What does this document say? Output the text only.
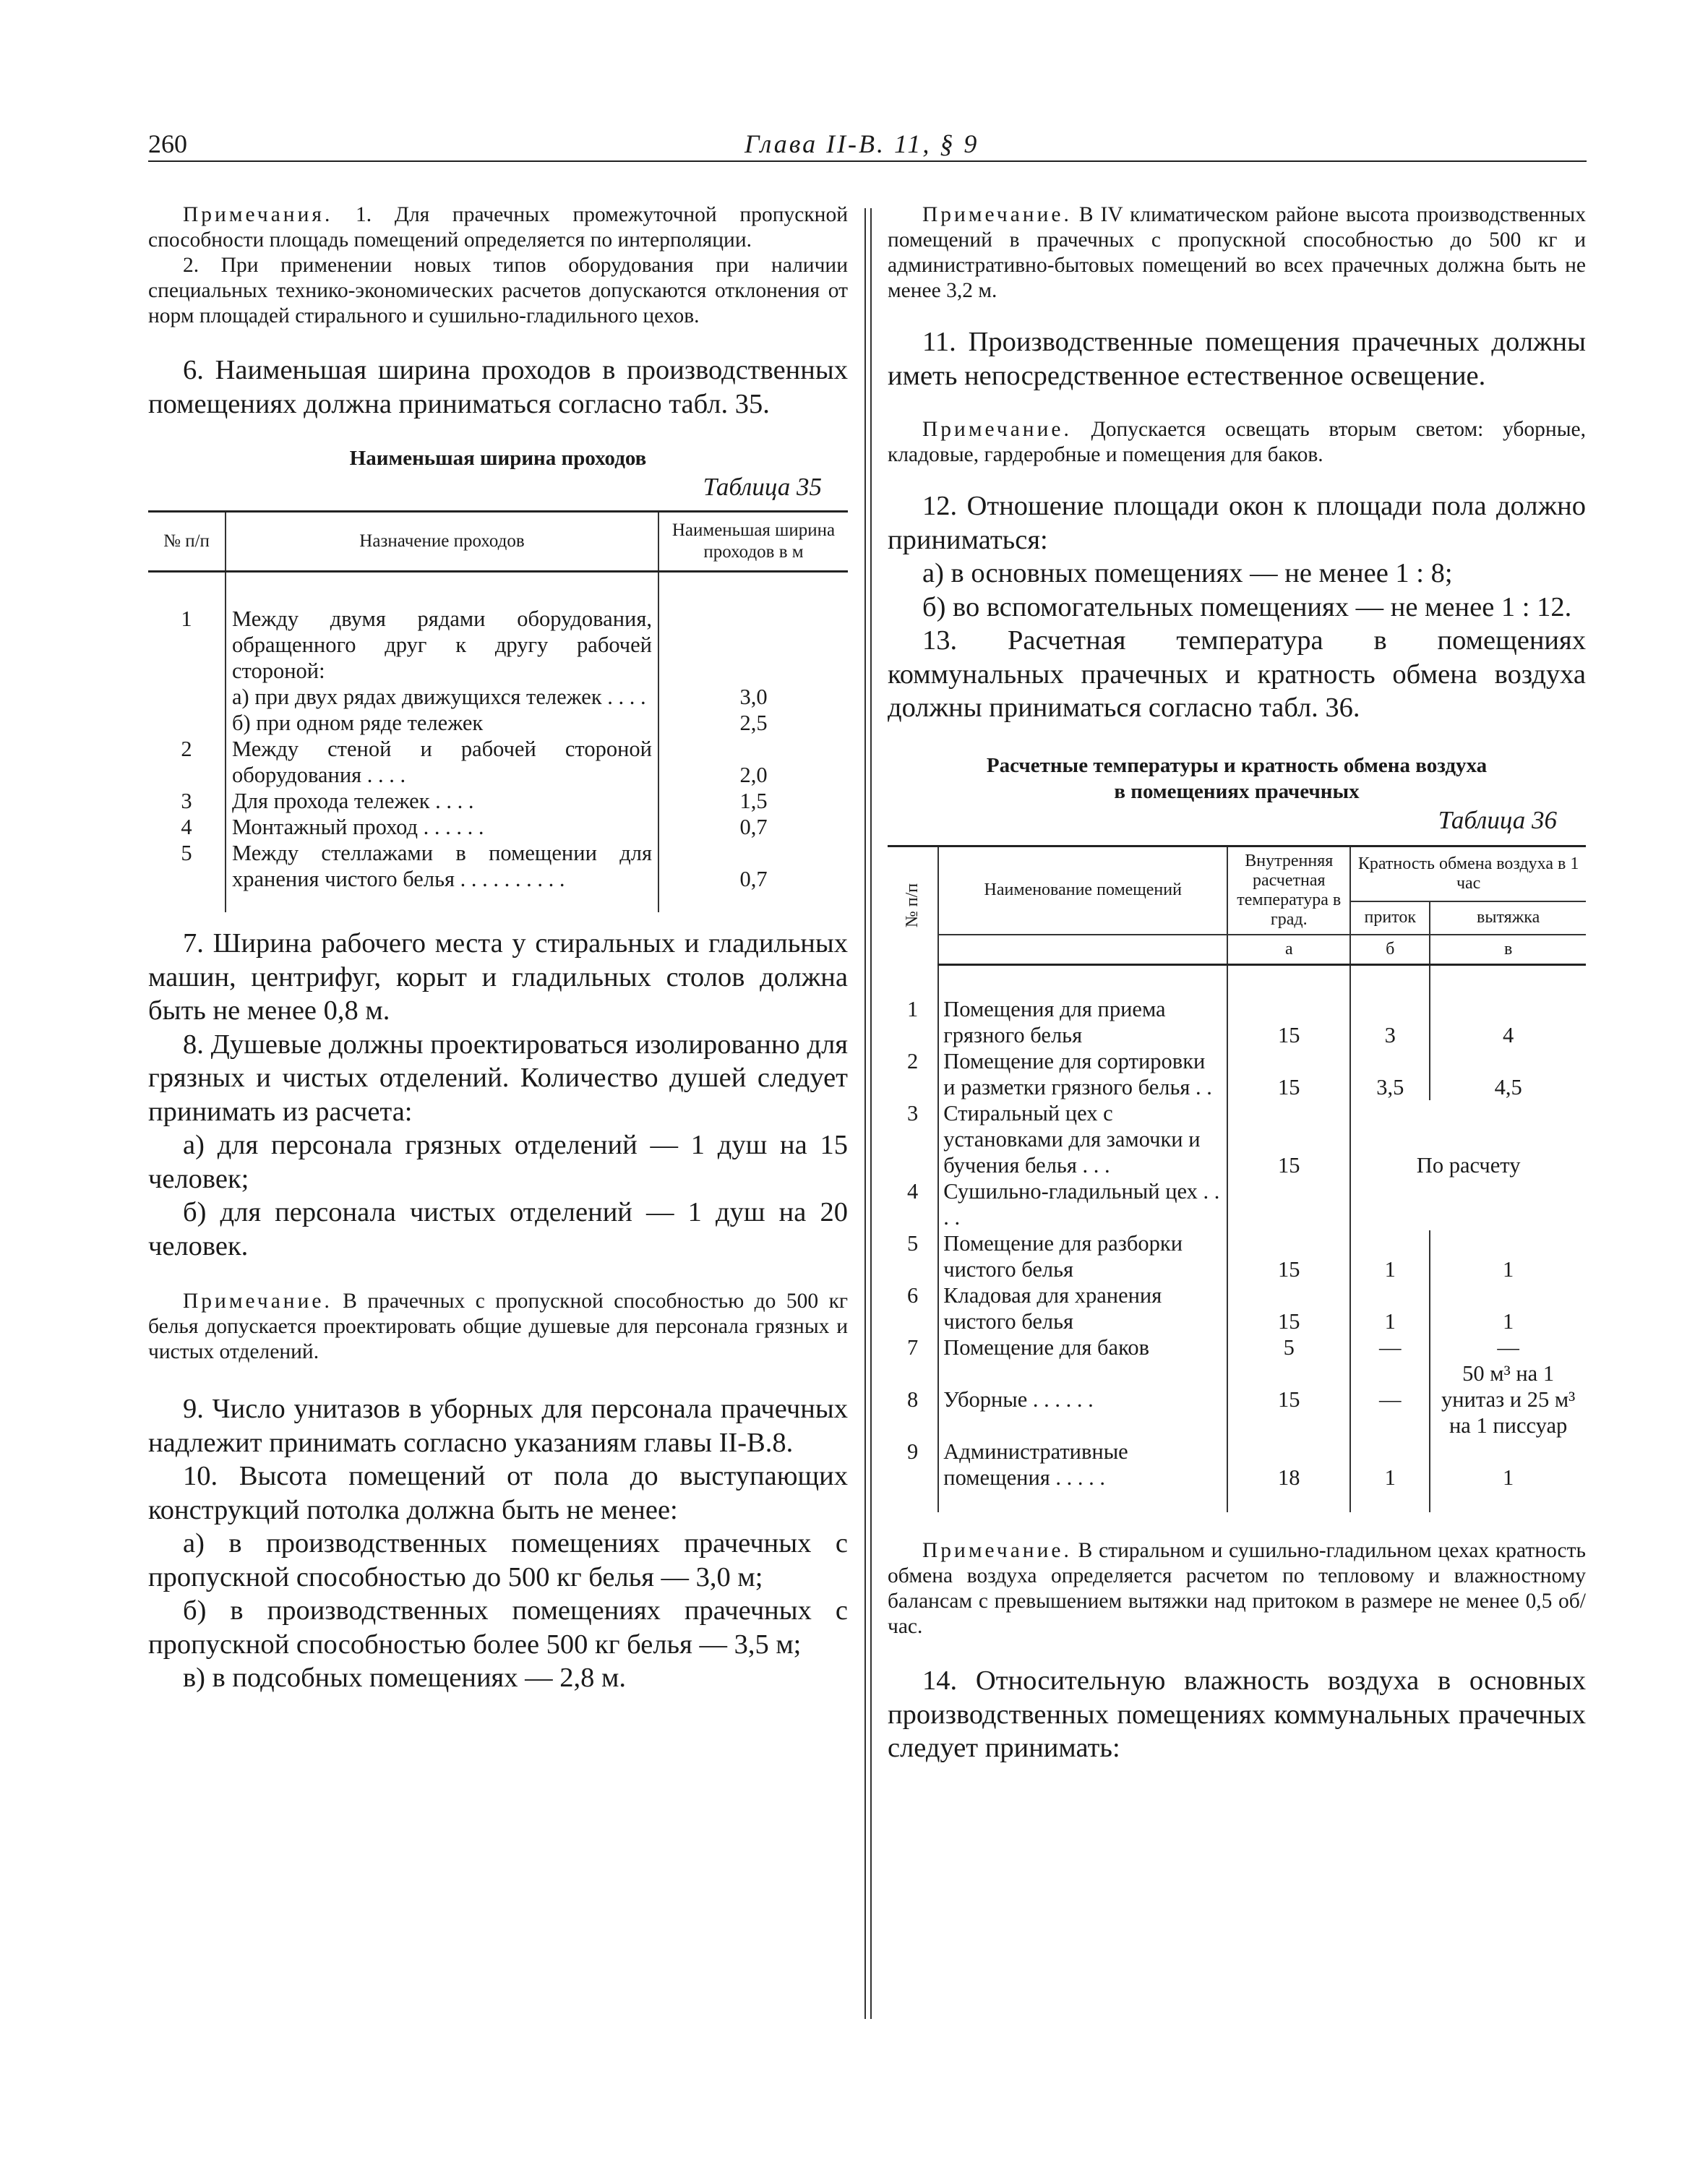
260	Глава II-В. 11, § 9

Примечания. 1. Для прачечных промежуточной пропускной способности площадь помещений определяется по интерполяции.

2. При применении новых типов оборудования при наличии специальных технико-экономических расчетов допускаются отклонения от норм площадей стирального и сушильно-гладильного цехов.

6. Наименьшая ширина проходов в производственных помещениях должна приниматься согласно табл. 35.

Наименьшая ширина проходов

Таблица 35

№ п/п	Назначение проходов	Наименьшая ширина проходов в м

1	Между двумя рядами оборудования, обращенного друг к другу рабочей стороной:	
	а) при двух рядах движущихся тележек . . . .	3,0
	б) при одном ряде тележек	2,5
2	Между стеной и рабочей стороной оборудования . . . .	2,0
3	Для прохода тележек . . . .	1,5
4	Монтажный проход . . . . . .	0,7
5	Между стеллажами в помещении для хранения чистого белья . . . . . . . . . .	0,7

7. Ширина рабочего места у стиральных и гладильных машин, центрифуг, корыт и гладильных столов должна быть не менее 0,8 м.

8. Душевые должны проектироваться изолированно для грязных и чистых отделений. Количество душей следует принимать из расчета:

а) для персонала грязных отделений — 1 душ на 15 человек;

б) для персонала чистых отделений — 1 душ на 20 человек.

Примечание. В прачечных с пропускной способностью до 500 кг белья допускается проектировать общие душевые для персонала грязных и чистых отделений.

9. Число унитазов в уборных для персонала прачечных надлежит принимать согласно указаниям главы II-B.8.

10. Высота помещений от пола до выступающих конструкций потолка должна быть не менее:

а) в производственных помещениях прачечных с пропускной способностью до 500 кг белья — 3,0 м;

б) в производственных помещениях прачечных с пропускной способностью более 500 кг белья — 3,5 м;

в) в подсобных помещениях — 2,8 м.

Примечание. В IV климатическом районе высота производственных помещений в прачечных с пропускной способностью до 500 кг и административно-бытовых помещений во всех прачечных должна быть не менее 3,2 м.

11. Производственные помещения прачечных должны иметь непосредственное естественное освещение.

Примечание. Допускается освещать вторым светом: уборные, кладовые, гардеробные и помещения для баков.

12. Отношение площади окон к площади пола должно приниматься:

а) в основных помещениях — не менее 1 : 8;

б) во вспомогательных помещениях — не менее 1 : 12.

13. Расчетная температура в помещениях коммунальных прачечных и кратность обмена воздуха должны приниматься согласно табл. 36.

Расчетные температуры и кратность обмена воздуха
в помещениях прачечных

Таблица 36

№ п/п	Наименование помещений	Внутренняя расчетная температура в град.	Кратность обмена воздуха в 1 час	
			приток	вытяжка
		а	б	в

1	Помещения для приема грязного белья	15	3	4
2	Помещение для сортировки и разметки грязного белья . .	15	3,5	4,5
3	Стиральный цех с установками для замочки и бучения белья . . .	15	По расчету	
4	Сушильно-гладильный цех . . . .			
5	Помещение для разборки чистого белья	15	1	1
6	Кладовая для хранения чистого белья	15	1	1
7	Помещение для баков	5	—	—
8	Уборные . . . . . .	15	—	50 м³ на 1 унитаз и 25 м³ на 1 писсуар
9	Административные помещения . . . . .	18	1	1

Примечание. В стиральном и сушильно-гладильном цехах кратность обмена воздуха определяется расчетом по тепловому и влажностному балансам с превышением вытяжки над притоком в размере не менее 0,5 об/час.

14. Относительную влажность воздуха в основных производственных помещениях коммунальных прачечных следует принимать:
